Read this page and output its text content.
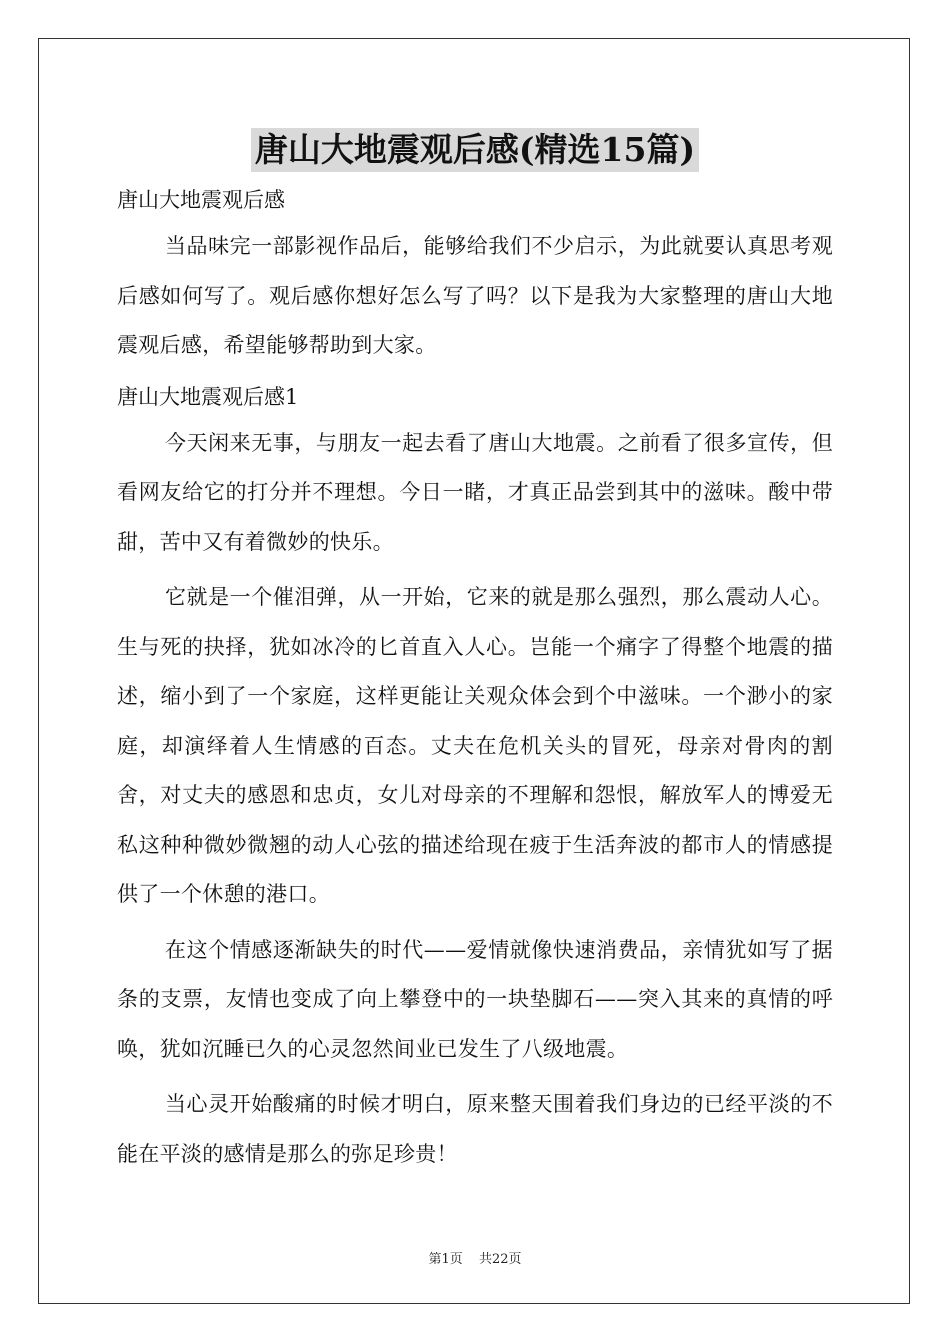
唐山大地震观后感(精选15篇)

唐山大地震观后感

当品味完一部影视作品后，能够给我们不少启示，为此就要认真思考观后感如何写了。观后感你想好怎么写了吗？以下是我为大家整理的唐山大地震观后感，希望能够帮助到大家。

唐山大地震观后感1

今天闲来无事，与朋友一起去看了唐山大地震。之前看了很多宣传，但看网友给它的打分并不理想。今日一睹，才真正品尝到其中的滋味。酸中带甜，苦中又有着微妙的快乐。

它就是一个催泪弹，从一开始，它来的就是那么强烈，那么震动人心。生与死的抉择，犹如冰冷的匕首直入人心。岂能一个痛字了得整个地震的描述，缩小到了一个家庭，这样更能让关观众体会到个中滋味。一个渺小的家庭，却演绎着人生情感的百态。丈夫在危机关头的冒死，母亲对骨肉的割舍，对丈夫的感恩和忠贞，女儿对母亲的不理解和怨恨，解放军人的博爱无私这种种微妙微翘的动人心弦的描述给现在疲于生活奔波的都市人的情感提供了一个休憩的港口。

在这个情感逐渐缺失的时代——爱情就像快速消费品，亲情犹如写了据条的支票，友情也变成了向上攀登中的一块垫脚石——突入其来的真情的呼唤，犹如沉睡已久的心灵忽然间业已发生了八级地震。

当心灵开始酸痛的时候才明白，原来整天围着我们身边的已经平淡的不能在平淡的感情是那么的弥足珍贵！

第1页 共22页
